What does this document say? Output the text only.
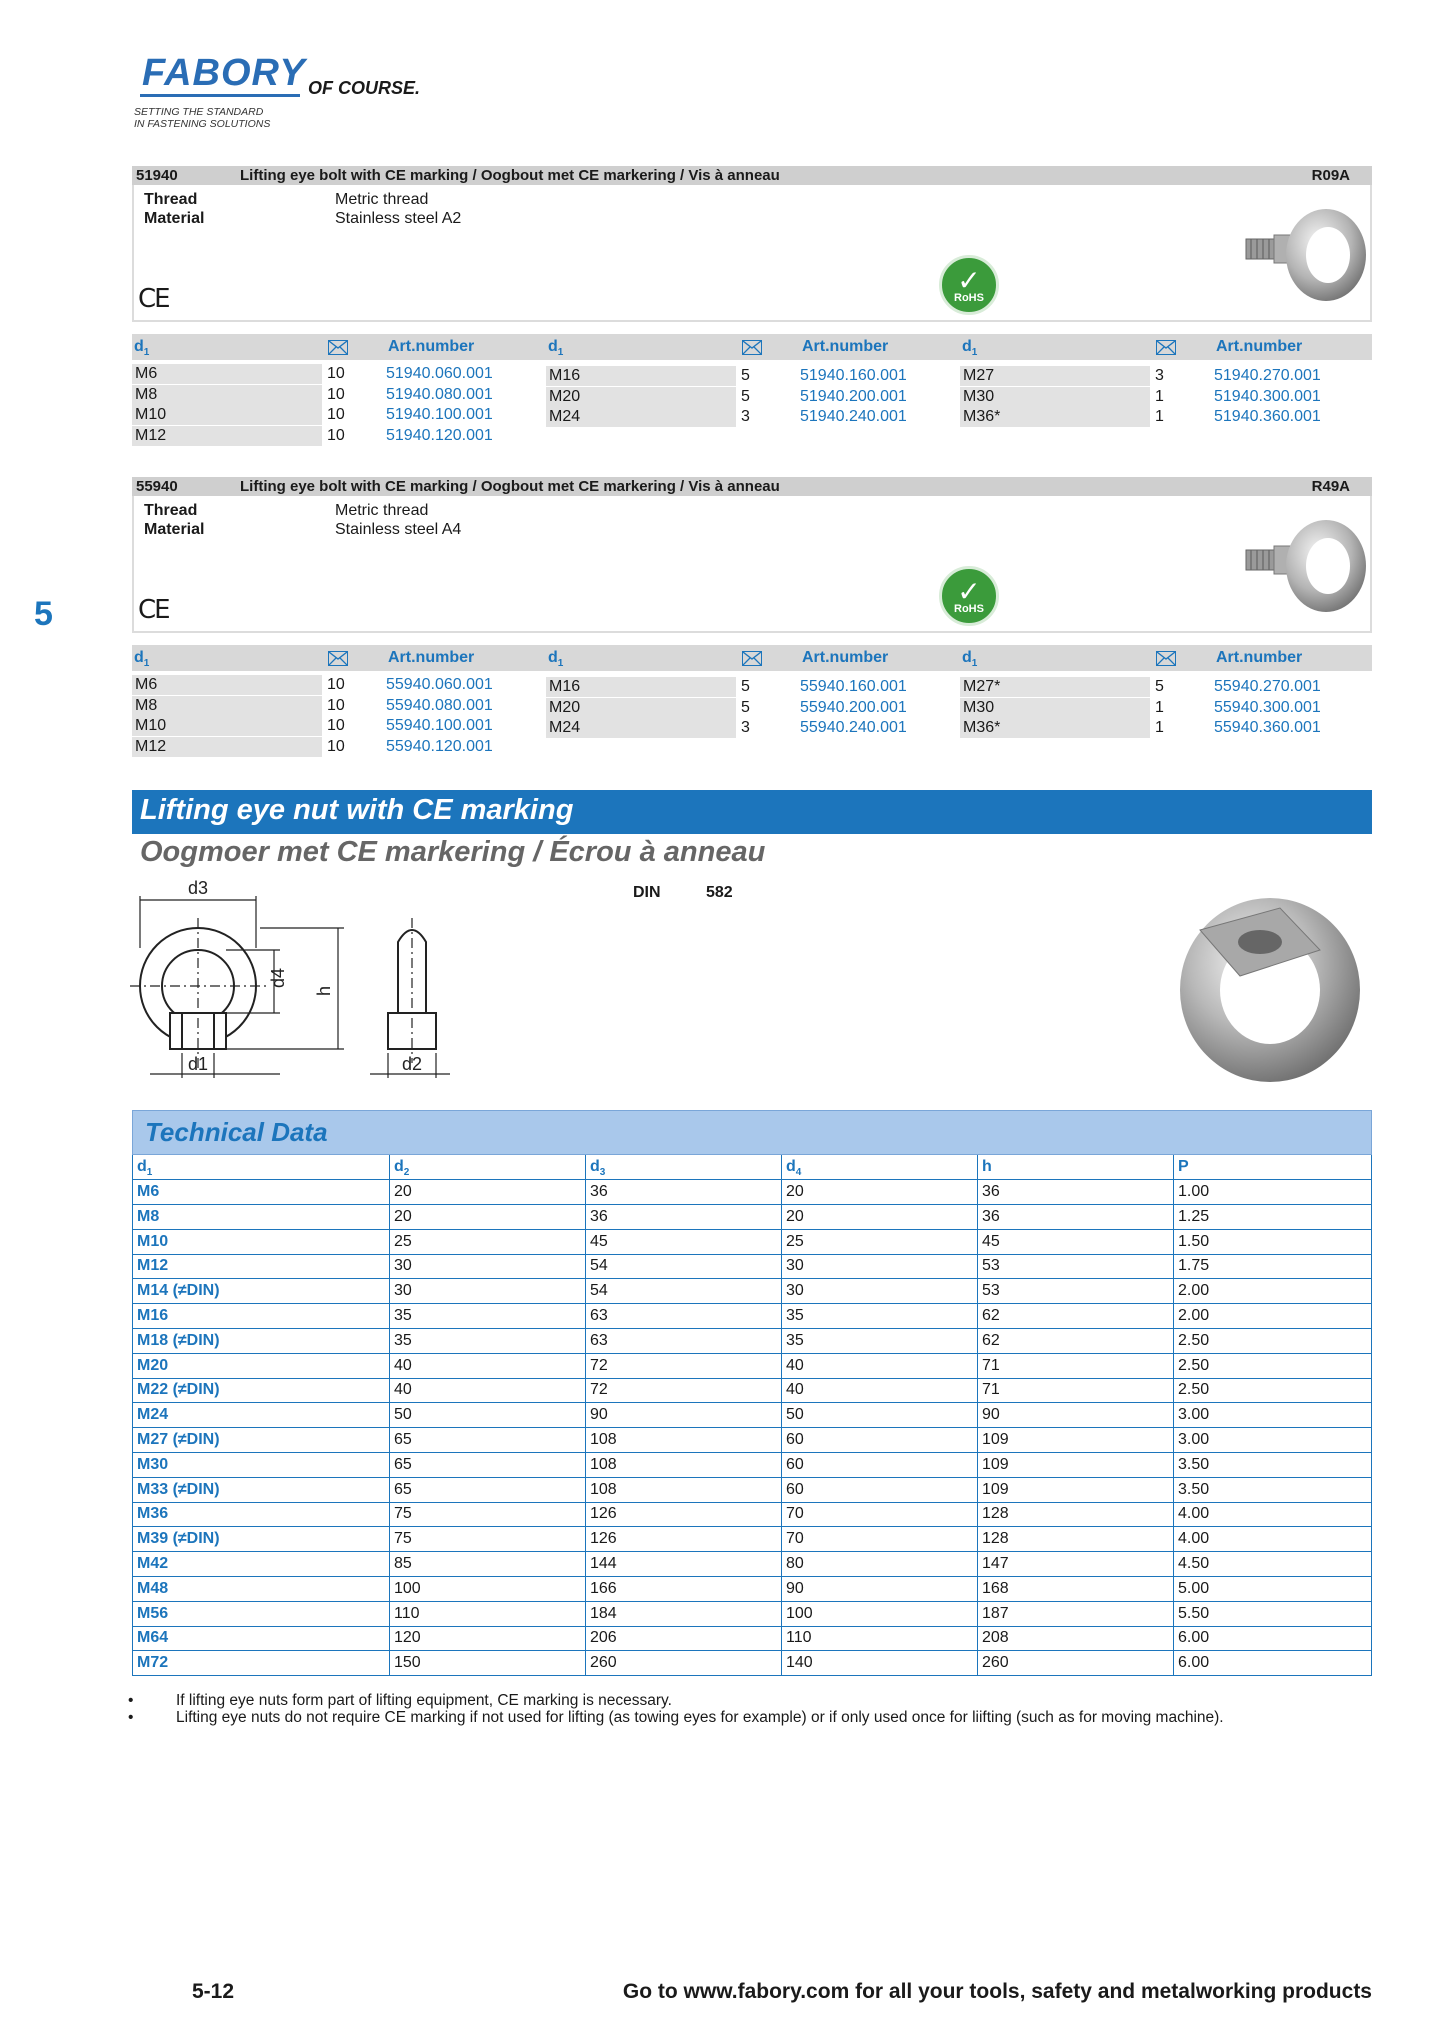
FABORY OF COURSE.
SETTING THE STANDARD
IN FASTENING SOLUTIONS
5
51940	Lifting eye bolt with CE marking / Oogbout met CE markering / Vis à anneau	R09A
Thread	Metric thread
Material	Stainless steel A2
CE
✓
RoHS
$d_1$	Art.number	$d_1$	Art.number	$d_1$	Art.number
M6	10	51940.060.001
M8	10	51940.080.001
M10	10	51940.100.001
M12	10	51940.120.001
M16	5	51940.160.001
M20	5	51940.200.001
M24	3	51940.240.001
M27	3	51940.270.001
M30	1	51940.300.001
M36*	1	51940.360.001
55940	Lifting eye bolt with CE marking / Oogbout met CE markering / Vis à anneau	R49A
Thread	Metric thread
Material	Stainless steel A4
CE
✓
RoHS
$d_1$	Art.number	$d_1$	Art.number	$d_1$	Art.number
M6	10	55940.060.001
M8	10	55940.080.001
M10	10	55940.100.001
M12	10	55940.120.001
M16	5	55940.160.001
M20	5	55940.200.001
M24	3	55940.240.001
M27*	5	55940.270.001
M30	1	55940.300.001
M36*	1	55940.360.001
Lifting eye nut with CE marking
Oogmoer met CE markering / Écrou à anneau
DIN	582
d3
d4
h
d1	d2
Technical Data
$d_1$	$d_2$	$d_3$	$d_4$	h	P
M6	20	36	20	36	1.00
M8	20	36	20	36	1.25
M10	25	45	25	45	1.50
M12	30	54	30	53	1.75
M14 (≠DIN)	30	54	30	53	2.00
M16	35	63	35	62	2.00
M18 (≠DIN)	35	63	35	62	2.50
M20	40	72	40	71	2.50
M22 (≠DIN)	40	72	40	71	2.50
M24	50	90	50	90	3.00
M27 (≠DIN)	65	108	60	109	3.00
M30	65	108	60	109	3.50
M33 (≠DIN)	65	108	60	109	3.50
M36	75	126	70	128	4.00
M39 (≠DIN)	75	126	70	128	4.00
M42	85	144	80	147	4.50
M48	100	166	90	168	5.00
M56	110	184	100	187	5.50
M64	120	206	110	208	6.00
M72	150	260	140	260	6.00
• If lifting eye nuts form part of lifting equipment, CE marking is necessary.
• Lifting eye nuts do not require CE marking if not used for lifting (as towing eyes for example) or if only used once for liifting (such as for moving machine).
5-12	Go to www.fabory.com for all your tools, safety and metalworking products
